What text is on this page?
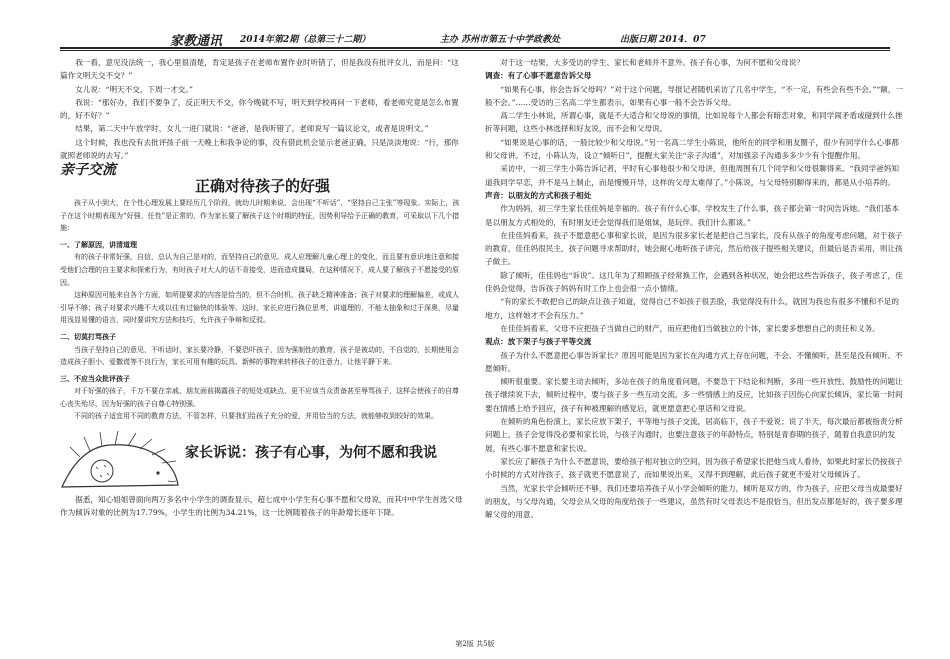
家教通讯 2014年第2期（总第三十二期）	主办 苏州市第五十中学政教处	出版日期 2014．07

我一看，意见没法统一，我心里很清楚，肯定是孩子在老师布置作业时听错了，但是我没有批评女儿，而是问：“这篇作文明天交不交？”

女儿说：“明天不交，下周一才交。”

我说：“那好办，我们不要争了，反正明天不交，你今晚就不写，明天到学校再问一下老师，看老师究竟是怎么布置的，好不好？”

结果，第二天中午放学时，女儿一进门就说：“爸爸，是我听错了，老师说写一篇议论文，或者是说明文。”

这个时候，我也没有去批评孩子前一天晚上和我争论的事，没有借此机会显示老爸正确，只是淡淡地说：“行，那你就照老师说的去写。”

亲子交流
正确对待孩子的好强

孩子从小到大，在个性心理发展上要经历几个阶段，就幼儿时期来说，会出现“不听话”、“坚持自己主张”等现象。实际上，孩子在这个时期表现为“好强、任性”是正常的，作为家长要了解孩子这个时期的特征，因势利导给予正确的教育，可采取以下几个措施：

一、了解原因，讲清道理

有的孩子非常好强，自信，总认为自己是对的，而坚持自己的意见。成人应理解儿童心理上的变化，而且要有意识地注意和接受他们合理的自主要求和探索行为，有时孩子对大人的话不肯接受，进而造成僵局，在这种情况下，成人要了解孩子不愿接受的原因。

这种原因可能来自各个方面，如所提要求的内容是恰当的，但不合时机，孩子缺乏精神准备；孩子对要求的理解偏差，或成人引导不够；孩子对要求兴趣不大或以往有过愉快的体验等。这时，家长应进行换位思考，讲道理的，不能太抽象和过于深奥，尽量用浅显易懂的语言，同时要讲究方法和技巧，允许孩子争辩和反驳。

二、切莫打骂孩子

当孩子坚持自己的意见，不听话时，家长要冷静，不要恐吓孩子，因为强制性的教育，孩子是被动的，不自觉的，长期使用会造成孩子胆小、爱撒谎等不良行为，家长可用有趣的玩具、新鲜的事物来转移孩子的注意力，让他平静下来。

三、不应当众批评孩子

对于好强的孩子，千万不要在亲戚、朋友面前揭露孩子的短处或缺点，更不应该当众责备甚至辱骂孩子，这样会使孩子的自尊心丧失殆尽，因为好强的孩子自尊心特别强。

不同的孩子适宜用不同的教育方法，不管怎样，只要我们给孩子充分的爱，并用恰当的方法，就能够收到较好的效果。

家长诉说：孩子有心事，为何不愿和我说

据悉，知心姐姐曾面向两万多名中小学生的调查显示，超七成中小学生有心事不愿和父母说，而其中中学生首选父母作为倾诉对象的比例为17.79%，小学生的比例为34.21%，这一比例随着孩子的年龄增长逐年下降。

对于这一结果，大多受访的学生、家长和老师并不意外。孩子有心事，为何不愿和父母说？

调查：有了心事不愿意告诉父母

“如果有心事，你会告诉父母吗？”对于这个问题，导报记者随机采访了几名中学生，“不一定，有些会有些不会。”“额，一般不会。”……受访的三名高二学生都表示，如果有心事一般不会告诉父母。

高二学生小林说，所谓心事，就是不大适合和父母说的事情，比如说每个人都会有暗恋对象，和同学闹矛盾或碰到什么挫折等问题，这些小林选择和好友说，而不会和父母说。

“如果说是心事的话，一般比较少和父母说。”另一名高二学生小陈说，他所在的同学和朋友圈子，很少有同学什么心事都和父母讲。不过，小陈认为，设立“倾听日”，提醒大家关注“亲子沟通”，对加强亲子沟通多多少少有个提醒作用。

采访中，一初三学生小陈告诉记者，平时有心事他很少和父母讲，但他周围有几个同学和父母很聊得来。“我同学爸妈知道我同学早恋，并不是马上制止，而是慢慢开导，这样的父母太难得了。”小陈说，与父母特别聊得来的，都是从小培养的。

声音：以朋友的方式和孩子相处

作为妈妈，初三学生家长佳佳妈是幸福的。孩子有什么心事，学校发生了什么事，孩子都会第一时间告诉她。“我们基本是以朋友方式相处的，有时朋友还会觉得我们是姐妹，是玩伴。我们什么都谈。”

在佳佳妈看来，孩子不愿意把心事和家长说，是因为很多家长老是把自己当家长，没有从孩子的角度考虑问题，对于孩子的教育，佳佳妈很民主，孩子问题寻求帮助时，她会耐心地听孩子讲完，然后给孩子提些相关建议，但最后是否采用，则让孩子做主。

除了倾听，佳佳妈也“诉说”。这几年为了照顾孩子经常换工作，会遇到各种状况，她会把这些告诉孩子，孩子考虑了，佳佳妈会觉得，告诉孩子妈妈有时工作上也会很一点小情绪。

“有的家长不敢把自己的缺点让孩子知道，觉得自己不如孩子很丢脸，我觉得没有什么，就因为我也有很多不懂和不足的地方，这样她才不会有压力。”

在佳佳妈看来，父母不应把孩子当做自己的财产，而应把他们当做独立的个体，家长要多想想自己的责任和义务。

观点：放下架子与孩子平等交流

孩子为什么不愿意把心事告诉家长？原因可能是因为家长在沟通方式上存在问题，不会、不懂倾听，甚至是没有倾听、不愿倾听。

倾听很重要。家长要主动去倾听，多站在孩子的角度看问题，不要急于下结论和判断，多用一些开放性、鼓励性的问题让孩子继续说下去，倾听过程中，要与孩子多一些互动交流，多一些情感上的反应，比如孩子因伤心向家长倾诉，家长第一时间要在情感上给予回应，孩子有种被理解的感觉后，就更愿意把心里话和父母说。

在倾听的角色扮演上，家长应放下架子，平等地与孩子交流，居高临下，孩子不爱说；说了半天，每次最后都被指责分析问题上，孩子会觉得没必要和家长说，与孩子沟通时，也要注意孩子的年龄特点，特别是青春期的孩子，随着自我意识的发展，有些心事不愿意和家长说。

家长应了解孩子为什么不愿意说，要给孩子相对独立的空间，因为孩子希望家长把他当成人看待，如果此时家长仍按孩子小时候的方式对待孩子，孩子就更不愿意说了，而如果说出来，又得不到理解，此后孩子就更不爱对父母倾诉了。

当然，光家长学会倾听还不够，我们还要培养孩子从小学会倾听的能力，倾听是双方的，作为孩子，应把父母当成最要好的朋友，与父母沟通，父母会从父母的角度给孩子一些建议，虽然有时父母表达不是很恰当，但出发点都是好的，孩子要多理解父母的用意。

第2版 共5版
